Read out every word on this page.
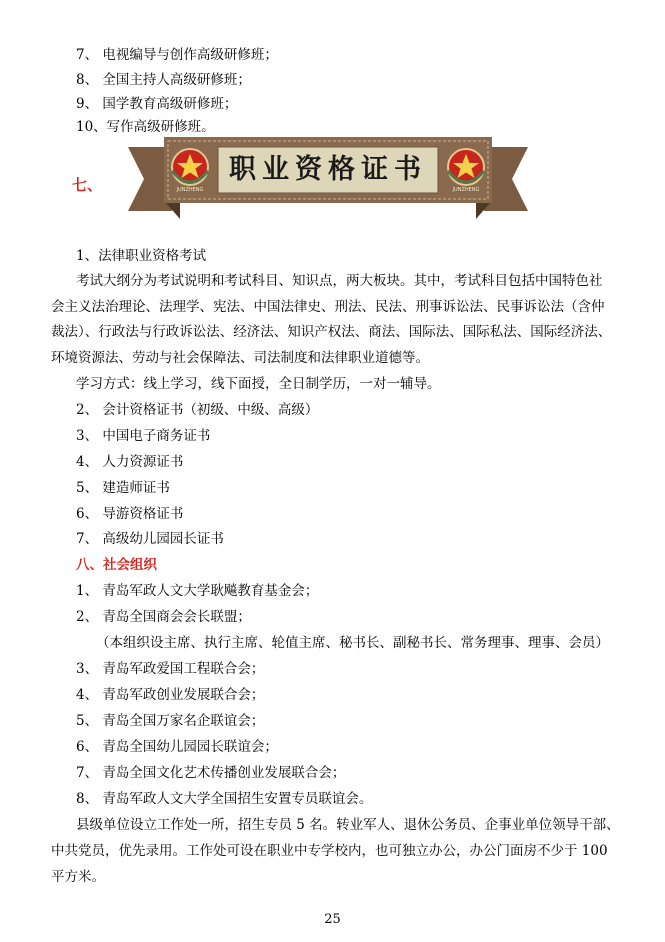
7、 电视编导与创作高级研修班；
8、 全国主持人高级研修班；
9、 国学教育高级研修班；
10、写作高级研修班。
七、	JUNZHENG	JUNZHENG
职业资格证书
1、法律职业资格考试
考试大纲分为考试说明和考试科目、知识点，两大板块。其中，考试科目包括中国特色社
会主义法治理论、法理学、宪法、中国法律史、刑法、民法、刑事诉讼法、民事诉讼法（含仲
裁法）、行政法与行政诉讼法、经济法、知识产权法、商法、国际法、国际私法、国际经济法、
环境资源法、劳动与社会保障法、司法制度和法律职业道德等。
学习方式：线上学习，线下面授，全日制学历，一对一辅导。
2、 会计资格证书（初级、中级、高级）
3、 中国电子商务证书
4、 人力资源证书
5、 建造师证书
6、 导游资格证书
7、 高级幼儿园园长证书
八、社会组织
1、 青岛军政人文大学耿飚教育基金会；
2、 青岛全国商会会长联盟；
（本组织设主席、执行主席、轮值主席、秘书长、副秘书长、常务理事、理事、会员）
3、 青岛军政爱国工程联合会；
4、 青岛军政创业发展联合会；
5、 青岛全国万家名企联谊会；
6、 青岛全国幼儿园园长联谊会；
7、 青岛全国文化艺术传播创业发展联合会；
8、 青岛军政人文大学全国招生安置专员联谊会。
县级单位设立工作处一所，招生专员 5 名。转业军人、退休公务员、企事业单位领导干部、
中共党员，优先录用。工作处可设在职业中专学校内，也可独立办公，办公门面房不少于 100
平方米。
25
